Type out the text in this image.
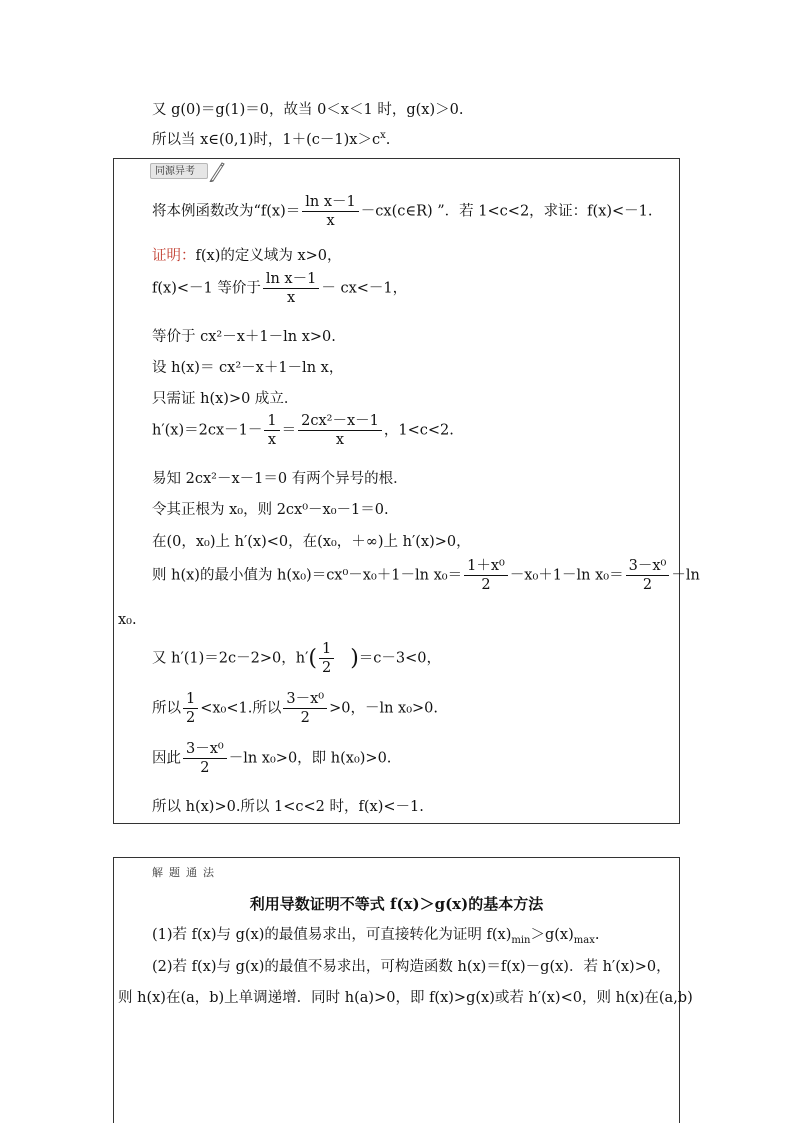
又 g(0)＝g(1)＝0，故当 0＜x＜1 时，g(x)＞0.
所以当 x∈(0,1)时，$1+(c-1)x>c^x$.
同源异考
将本例函数改为“$f(x)= \frac{\text{ln x－1}}{x}$ －cx(c∈R) ”．若 1<c<2，求证：f(x)<－1.
证明：f(x)的定义域为 x>0，
f(x)<－1 等价于 $\frac{\text{ln x－1}}{x} - cx<-1$，
等价于 cx²－x＋1－ln x>0.
设 h(x)＝ cx²－x＋1－ln x，
只需证 h(x)>0 成立．
$h'(x)=2cx-1- \frac{1}{x} = \frac{\text{2cx²－x－1}}{x}$ ，1<c<2.
易知 2cx²－x－1＝0 有两个异号的根．
令其正根为 x₀，则 2cx⁰－x₀－1＝0.
在(0，x₀)上 h′(x)<0，在(x₀，＋∞)上 h′(x)>0，
则 h(x)的最小值为 h(x₀)＝cx⁰－x₀＋1－ln $x_0= \frac{\text{1＋x⁰}}{2} -x_0+1-\ln$ $x_0= \frac{\text{3－x⁰}}{2} -\ln$
x₀.
又 h′(1)＝2c－2>0，$h'( \frac{1}{2} )=c-3<0$，
所以 $\frac{1}{2} <x_0<1$.所以 $\frac{\text{3－x⁰}}{2} >0$，－ln x₀>0.
因此 $\frac{\text{3－x⁰}}{2} -\ln$ x₀>0，即 h(x₀)>0.
所以 h(x)>0.所以 1<c<2 时，f(x)<－1.
解题通法
利用导数证明不等式 f(x)＞g(x)的基本方法
(1)若 f(x)与 g(x)的最值易求出，可直接转化为证明 $f(x)_{min}>g(x)_{max}$.
(2)若 f(x)与 g(x)的最值不易求出，可构造函数 h(x)＝f(x)－g(x)．若 h′(x)>0，
则 h(x)在(a，b)上单调递增．同时 h(a)>0，即 f(x)>g(x)或若 h′(x)<0，则 h(x)在(a,b)
